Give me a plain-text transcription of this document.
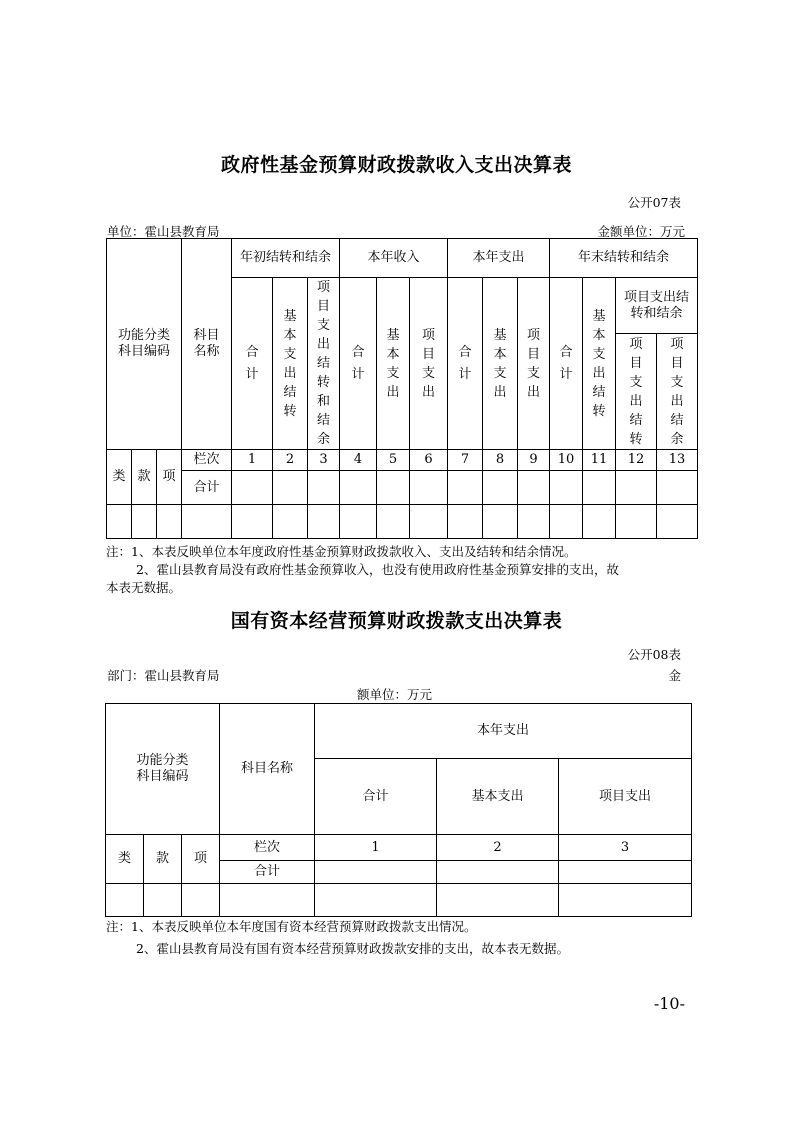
政府性基金预算财政拨款收入支出决算表
公开07表
单位：霍山县教育局	金额单位：万元
功能分类科目编码			科目名称	年初结转和结余			本年收入			本年支出			年末结转和结余			
				合计	基本支出结转	项目支出结转和结余	合计	基本支出	项目支出	合计	基本支出	项目支出	合计	基本支出结转	项目支出结转和结余	

															项目支出结转	项目支出结余
类	款	项	栏次	1	2	3	4	5	6	7	8	9	10	11	12	13
			合计													

注：1、本表反映单位本年度政府性基金预算财政拨款收入、支出及结转和结余情况。
2、霍山县教育局没有政府性基金预算收入，也没有使用政府性基金预算安排的支出，故
本表无数据。
国有资本经营预算财政拨款支出决算表
公开08表
部门：霍山县教育局	金
额单位：万元
功能分类
科目编码			科目名称	本年支出		
				合计	基本支出	项目支出
类	款	项	栏次	1	2	3
			合计			

注：1、本表反映单位本年度国有资本经营预算财政拨款支出情况。
2、霍山县教育局没有国有资本经营预算财政拨款安排的支出，故本表无数据。
-10-
